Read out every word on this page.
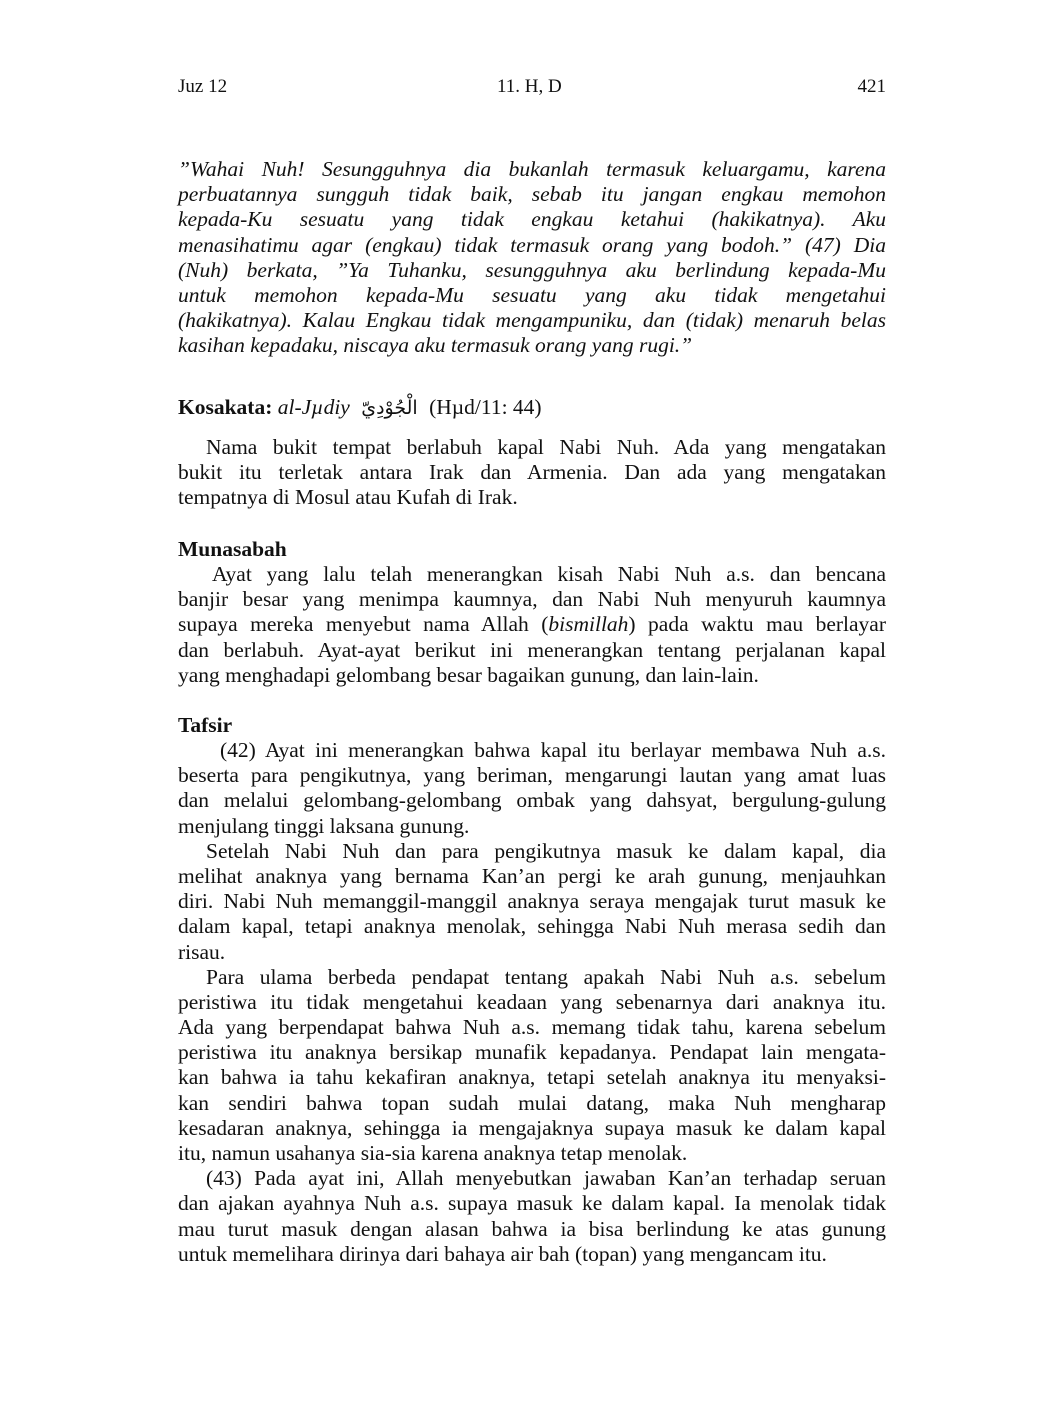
Juz 12	11. H, D	421
”Wahai Nuh! Sesungguhnya dia bukanlah termasuk keluargamu, karena
perbuatannya sungguh tidak baik, sebab itu jangan engkau memohon
kepada-Ku sesuatu yang tidak engkau ketahui (hakikatnya). Aku
menasihatimu agar (engkau) tidak termasuk orang yang bodoh.” (47) Dia
(Nuh) berkata, ”Ya Tuhanku, sesungguhnya aku berlindung kepada-Mu
untuk memohon kepada-Mu sesuatu yang aku tidak mengetahui
(hakikatnya). Kalau Engkau tidak mengampuniku, dan (tidak) menaruh belas
kasihan kepadaku, niscaya aku termasuk orang yang rugi.”
Kosakata: al-Jµdiy الْجُوْدِيّ (Hµd/11: 44)
Nama bukit tempat berlabuh kapal Nabi Nuh. Ada yang mengatakan
bukit itu terletak antara Irak dan Armenia. Dan ada yang mengatakan
tempatnya di Mosul atau Kufah di Irak.
Munasabah
Ayat yang lalu telah menerangkan kisah Nabi Nuh a.s. dan bencana
banjir besar yang menimpa kaumnya, dan Nabi Nuh menyuruh kaumnya
supaya mereka menyebut nama Allah (bismillah) pada waktu mau berlayar
dan berlabuh. Ayat-ayat berikut ini menerangkan tentang perjalanan kapal
yang menghadapi gelombang besar bagaikan gunung, dan lain-lain.
Tafsir
(42) Ayat ini menerangkan bahwa kapal itu berlayar membawa Nuh a.s.
beserta para pengikutnya, yang beriman, mengarungi lautan yang amat luas
dan melalui gelombang-gelombang ombak yang dahsyat, bergulung-gulung
menjulang tinggi laksana gunung.
Setelah Nabi Nuh dan para pengikutnya masuk ke dalam kapal, dia
melihat anaknya yang bernama Kan’an pergi ke arah gunung, menjauhkan
diri. Nabi Nuh memanggil-manggil anaknya seraya mengajak turut masuk ke
dalam kapal, tetapi anaknya menolak, sehingga Nabi Nuh merasa sedih dan
risau.
Para ulama berbeda pendapat tentang apakah Nabi Nuh a.s. sebelum
peristiwa itu tidak mengetahui keadaan yang sebenarnya dari anaknya itu.
Ada yang berpendapat bahwa Nuh a.s. memang tidak tahu, karena sebelum
peristiwa itu anaknya bersikap munafik kepadanya. Pendapat lain mengata-
kan bahwa ia tahu kekafiran anaknya, tetapi setelah anaknya itu menyaksi-
kan sendiri bahwa topan sudah mulai datang, maka Nuh mengharap
kesadaran anaknya, sehingga ia mengajaknya supaya masuk ke dalam kapal
itu, namun usahanya sia-sia karena anaknya tetap menolak.
(43) Pada ayat ini, Allah menyebutkan jawaban Kan’an terhadap seruan
dan ajakan ayahnya Nuh a.s. supaya masuk ke dalam kapal. Ia menolak tidak
mau turut masuk dengan alasan bahwa ia bisa berlindung ke atas gunung
untuk memelihara dirinya dari bahaya air bah (topan) yang mengancam itu.
